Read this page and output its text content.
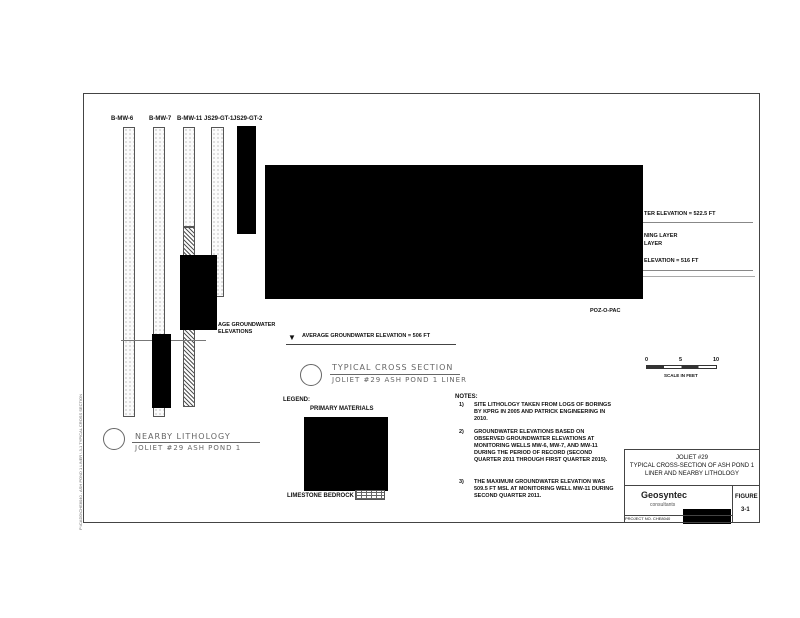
B-MW-6	B-MW-7 B-MW-11 JS29-GT-1 JS29-GT-2
TER ELEVATION = 522.5 FT
NING LAYER
LAYER
ELEVATION = 516 FT
POZ-O-PAC
AGE GROUNDWATER
ELEVATIONS
▼ AVERAGE GROUNDWATER ELEVATION = 506 FT
TYPICAL CROSS SECTION
JOLIET #29 ASH POND 1 LINER
NEARBY LITHOLOGY
JOLIET #29 ASH POND 1
0	5	10
SCALE IN FEET
LEGEND:
PRIMARY MATERIALS
LIMESTONE BEDROCK
NOTES:
1)	SITE LITHOLOGY TAKEN FROM LOGS OF BORINGS BY KPRG IN 2005 AND PATRICK ENGINEERING IN 2010.
2)	GROUNDWATER ELEVATIONS BASED ON OBSERVED GROUNDWATER ELEVATIONS AT MONITORING WELLS MW-6, MW-7, AND MW-11 DURING THE PERIOD OF RECORD (SECOND QUARTER 2011 THROUGH FIRST QUARTER 2015).
3)	THE MAXIMUM GROUNDWATER ELEVATION WAS 509.5 FT MSL AT MONITORING WELL MW-11 DURING SECOND QUARTER 2011.
JOLIET #29
TYPICAL CROSS-SECTION OF ASH POND 1
LINER AND NEARBY LITHOLOGY
Geosyntec
consultants
FIGURE
3-1
PROJECT NO. CHE8040
P:\CADD\CHE8040 - ASH POND 1 LINER \ 3-1 TYPICAL CROSS SECTION
